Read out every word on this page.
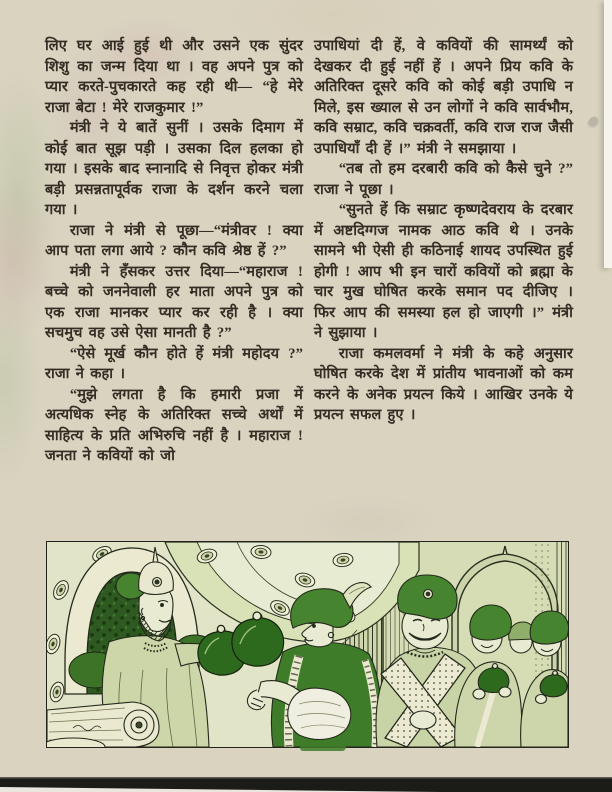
लिए घर आई हुई थी और उसने एक सुंदर शिशु का जन्म दिया था । वह अपने पुत्र को प्यार करते-पुचकारते कह रही थी— “हे मेरे राजा बेटा ! मेरे राजकुमार !”

मंत्री ने ये बातें सुनीं । उसके दिमाग में कोई बात सूझ पड़ी । उसका दिल हलका हो गया । इसके बाद स्नानादि से निवृत्त होकर मंत्री बड़ी प्रसन्नतापूर्वक राजा के दर्शन करने चला गया ।

राजा ने मंत्री से पूछा—“मंत्रीवर ! क्या आप पता लगा आये ? कौन कवि श्रेष्ठ हें ?”

मंत्री ने हँसकर उत्तर दिया—“महाराज ! बच्चे को जननेवाली हर माता अपने पुत्र को एक राजा मानकर प्यार कर रही है । क्या सचमुच वह उसे ऐसा मानती है ?”

“ऐसे मूर्ख कौन होते हें मंत्री महोदय ?” राजा ने कहा ।

“मुझे लगता है कि हमारी प्रजा में अत्यधिक स्नेह के अतिरिक्त सच्चे अर्थों में साहित्य के प्रति अभिरुचि नहीं है । महाराज ! जनता ने कवियों को जो

उपाधियां दी हें, वे कवियों की सामर्थ्यं को देखकर दी हुई नहीं हें । अपने प्रिय कवि के अतिरिक्त दूसरे कवि को कोई बड़ी उपाधि न मिले, इस ख्याल से उन लोगों ने कवि सार्वभौम, कवि सम्राट, कवि चक्रवर्ती, कवि राज राज जैसी उपाधियाँ दी हें ।” मंत्री ने समझाया ।

“तब तो हम दरबारी कवि को कैसे चुने ?” राजा ने पूछा ।

“सुनते हें कि सम्राट कृष्णदेवराय के दरबार में अष्टदिग्गज नामक आठ कवि थे । उनके सामने भी ऐसी ही कठिनाई शायद उपस्थित हुई होगी ! आप भी इन चारों कवियों को ब्रह्मा के चार मुख घोषित करके समान पद दीजिए । फिर आप की समस्या हल हो जाएगी ।” मंत्री ने सुझाया ।

राजा कमलवर्मा ने मंत्री के कहे अनुसार घोषित करके देश में प्रांतीय भावनाओं को कम करने के अनेक प्रयत्न किये । आखिर उनके ये प्रयत्न सफल हुए ।
